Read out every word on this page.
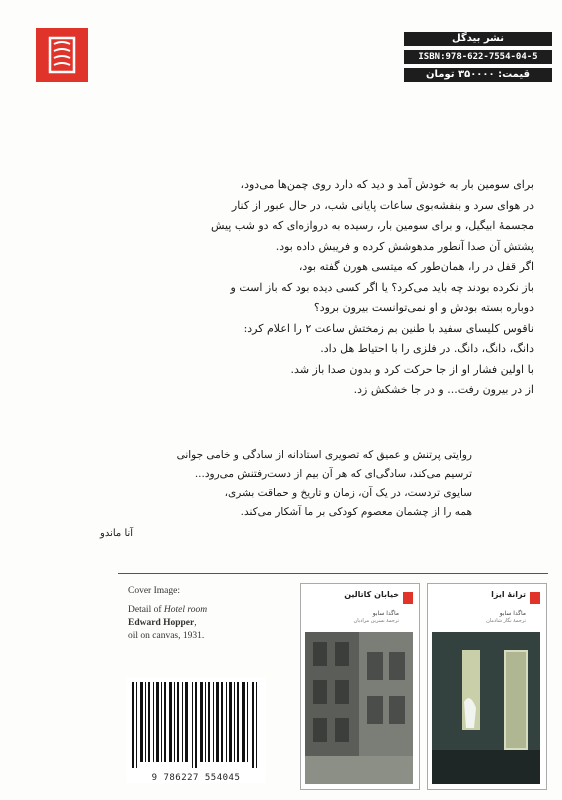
نشر بیدگل
ISBN:978-622-7554-04-5
قیمت: ۳۵۰۰۰۰ تومان

برای سومین بار به خودش آمد و دید که دارد روی چمن‌ها می‌دود،

در هوای سرد و بنفشه‌بوی ساعات پایانی شب، در حال عبور از کنار

مجسمهٔ ابیگیل، و برای سومین بار، رسیده به دروازه‌ای که دو شب پیش

پشتش آن صدا آنطور مدهوشش کرده و فریبش داده بود.

اگر قفل در را، همان‌طور که میتسی هورن گفته بود،

باز نکرده بودند چه باید می‌کرد؟ یا اگر کسی دیده بود که باز است و

دوباره بسته بودش و او نمی‌توانست بیرون برود؟

ناقوس کلیسای سفید با طنین بم زمختش ساعت ۲ را اعلام کرد:

دانگ، دانگ، دانگ. در فلزی را با احتیاط هل داد.

با اولین فشار او از جا حرکت کرد و بدون صدا باز شد.

از در بیرون رفت... و در جا خشکش زد.

روایتی پرتنش و عمیق که تصویری استادانه از سادگی و خامی جوانی

ترسیم می‌کند، سادگی‌ای که هر آن بیم از دست‌رفتنش می‌رود...

سایوی تردست، در یک آن، زمان و تاریخ و حماقت بشری،

همه را از چشمان معصوم کودکی بر ما آشکار می‌کند.

آنا ماندو
Cover Image:
Detail of Hotel room
Edward Hopper,
oil on canvas, 1931.
خیابان کاتالین
ماگدا سابو
ترجمهٔ نسرین مرادیان
ترانهٔ ایزا
ماگدا سابو
ترجمهٔ نگار شادمان
9 786227 554045
